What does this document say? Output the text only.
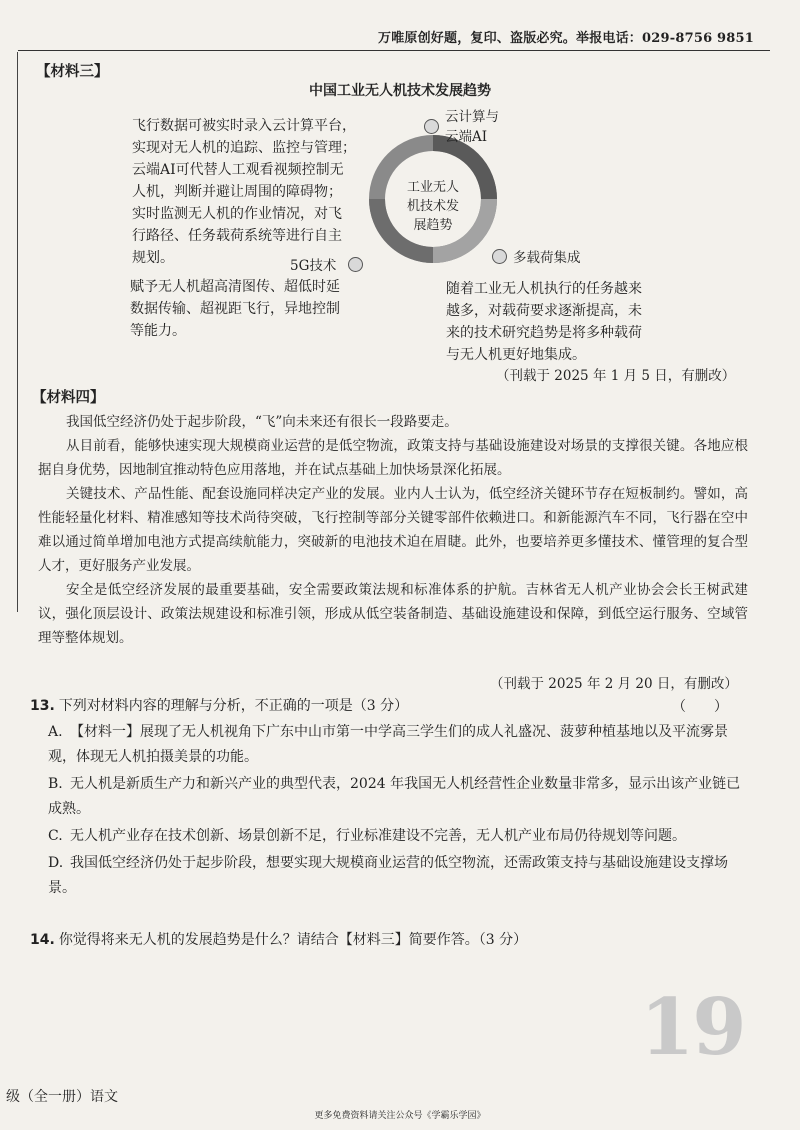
万唯原创好题，复印、盗版必究。举报电话：029-8756 9851
【材料三】
中国工业无人机技术发展趋势
飞行数据可被实时录入云计算平台，
实现对无人机的追踪、监控与管理；
云端AI可代替人工观看视频控制无
人机，判断并避让周围的障碍物；
实时监测无人机的作业情况，对飞
行路径、任务载荷系统等进行自主
规划。
工业无人
机技术发
展趋势
云计算与
云端AI
多载荷集成
5G技术
赋予无人机超高清图传、超低时延
数据传输、超视距飞行，异地控制
等能力。
随着工业无人机执行的任务越来
越多，对载荷要求逐渐提高，未
来的技术研究趋势是将多种载荷
与无人机更好地集成。
（刊载于 2025 年 1 月 5 日，有删改）
【材料四】
我国低空经济仍处于起步阶段，“飞”向未来还有很长一段路要走。
从目前看，能够快速实现大规模商业运营的是低空物流，政策支持与基础设施建设对场景的支撑很关键。各地应根据自身优势，因地制宜推动特色应用落地，并在试点基础上加快场景深化拓展。
关键技术、产品性能、配套设施同样决定产业的发展。业内人士认为，低空经济关键环节存在短板制约。譬如，高性能轻量化材料、精准感知等技术尚待突破，飞行控制等部分关键零部件依赖进口。和新能源汽车不同，飞行器在空中难以通过简单增加电池方式提高续航能力，突破新的电池技术迫在眉睫。此外，也要培养更多懂技术、懂管理的复合型人才，更好服务产业发展。
安全是低空经济发展的最重要基础，安全需要政策法规和标准体系的护航。吉林省无人机产业协会会长王树武建议，强化顶层设计、政策法规建设和标准引领，形成从低空装备制造、基础设施建设和保障，到低空运行服务、空域管理等整体规划。
（刊载于 2025 年 2 月 20 日，有删改）
13. 下列对材料内容的理解与分析，不正确的一项是（3 分）	（　　）
A. 【材料一】展现了无人机视角下广东中山市第一中学高三学生们的成人礼盛况、菠萝种植基地以及平流雾景观，体现无人机拍摄美景的功能。
B. 无人机是新质生产力和新兴产业的典型代表，2024 年我国无人机经营性企业数量非常多，显示出该产业链已成熟。
C. 无人机产业存在技术创新、场景创新不足，行业标准建设不完善，无人机产业布局仍待规划等问题。
D. 我国低空经济仍处于起步阶段，想要实现大规模商业运营的低空物流，还需政策支持与基础设施建设支撑场景。
14. 你觉得将来无人机的发展趋势是什么？请结合【材料三】简要作答。（3 分）
19
级（全一册）语文
更多免费资料请关注公众号《学霸乐学园》
